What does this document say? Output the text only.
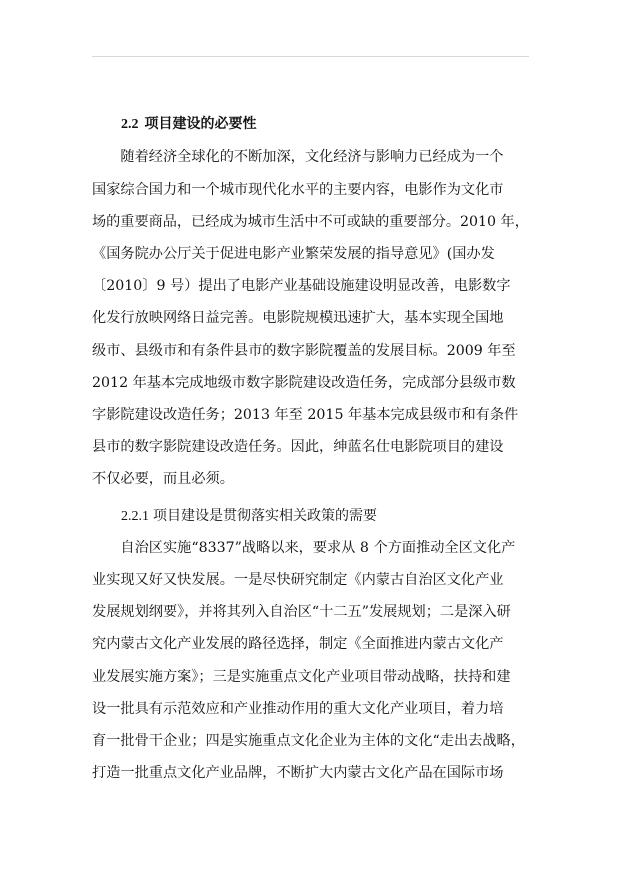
2.2 项目建设的必要性
　　随着经济全球化的不断加深，文化经济与影响力已经成为一个
国家综合国力和一个城市现代化水平的主要内容，电影作为文化市
场的重要商品，已经成为城市生活中不可或缺的重要部分。2010 年，
《国务院办公厅关于促进电影产业繁荣发展的指导意见》(国办发
〔2010〕9 号）提出了电影产业基础设施建设明显改善，电影数字
化发行放映网络日益完善。电影院规模迅速扩大，基本实现全国地
级市、县级市和有条件县市的数字影院覆盖的发展目标。2009 年至
2012 年基本完成地级市数字影院建设改造任务，完成部分县级市数
字影院建设改造任务；2013 年至 2015 年基本完成县级市和有条件
县市的数字影院建设改造任务。因此，绅蓝名仕电影院项目的建设
不仅必要，而且必须。
2.2.1 项目建设是贯彻落实相关政策的需要
　　自治区实施“8337”战略以来，要求从 8 个方面推动全区文化产
业实现又好又快发展。一是尽快研究制定《内蒙古自治区文化产业
发展规划纲要》，并将其列入自治区“十二五”发展规划；二是深入研
究内蒙古文化产业发展的路径选择，制定《全面推进内蒙古文化产
业发展实施方案》；三是实施重点文化产业项目带动战略，扶持和建
设一批具有示范效应和产业推动作用的重大文化产业项目，着力培
育一批骨干企业；四是实施重点文化企业为主体的文化“走出去战略，
打造一批重点文化产业品牌，不断扩大内蒙古文化产品在国际市场
